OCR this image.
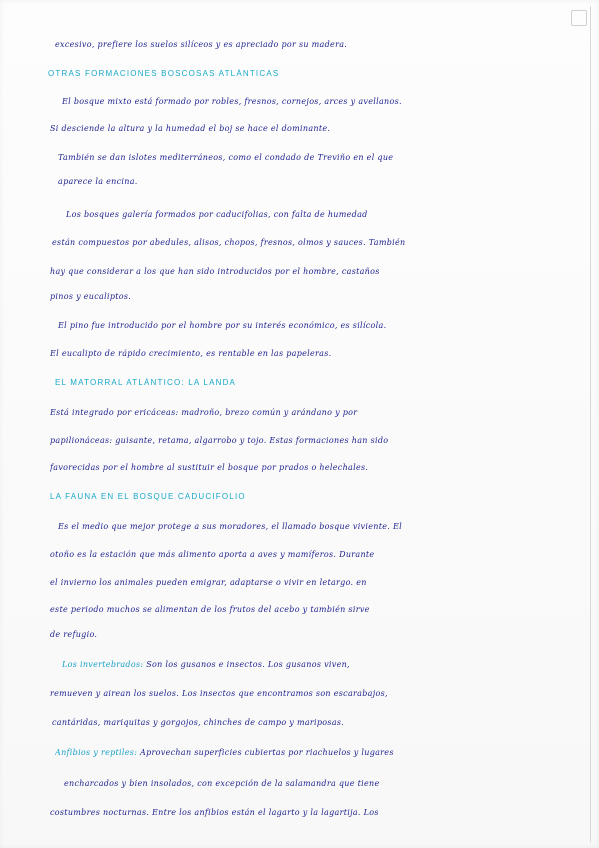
excesivo, prefiere los suelos silíceos y es apreciado por su madera.
OTRAS FORMACIONES BOSCOSAS ATLÁNTICAS
El bosque mixto está formado por robles, fresnos, cornejos, arces y avellanos.
Si desciende la altura y la humedad el boj se hace el dominante.
También se dan islotes mediterráneos, como el condado de Treviño en el que
aparece la encina.
Los bosques galería formados por caducifolias, con falta de humedad
están compuestos por abedules, alisos, chopos, fresnos, olmos y sauces. También
hay que considerar a los que han sido introducidos por el hombre, castaños
pinos y eucaliptos.
El pino fue introducido por el hombre por su interés económico, es silícola.
El eucalipto de rápido crecimiento, es rentable en las papeleras.
EL MATORRAL ATLÁNTICO: LA LANDA
Está integrado por ericáceas: madroño, brezo común y arándano y por
papilionáceas: guisante, retama, algarrobo y tojo. Estas formaciones han sido
favorecidas por el hombre al sustituir el bosque por prados o helechales.
LA FAUNA EN EL BOSQUE CADUCIFOLIO
Es el medio que mejor protege a sus moradores, el llamado bosque viviente. El
otoño es la estación que más alimento aporta a aves y mamíferos. Durante
el invierno los animales pueden emigrar, adaptarse o vivir en letargo. en
este periodo muchos se alimentan de los frutos del acebo y también sirve
de refugio.
Los invertebrados: Son los gusanos e insectos. Los gusanos viven,
remueven y airean los suelos. Los insectos que encontramos son escarabajos,
cantáridas, mariquitas y gorgojos, chinches de campo y mariposas.
Anfibios y reptiles: Aprovechan superficies cubiertas por riachuelos y lugares
encharcados y bien insolados, con excepción de la salamandra que tiene
costumbres nocturnas. Entre los anfibios están el lagarto y la lagartija. Los
